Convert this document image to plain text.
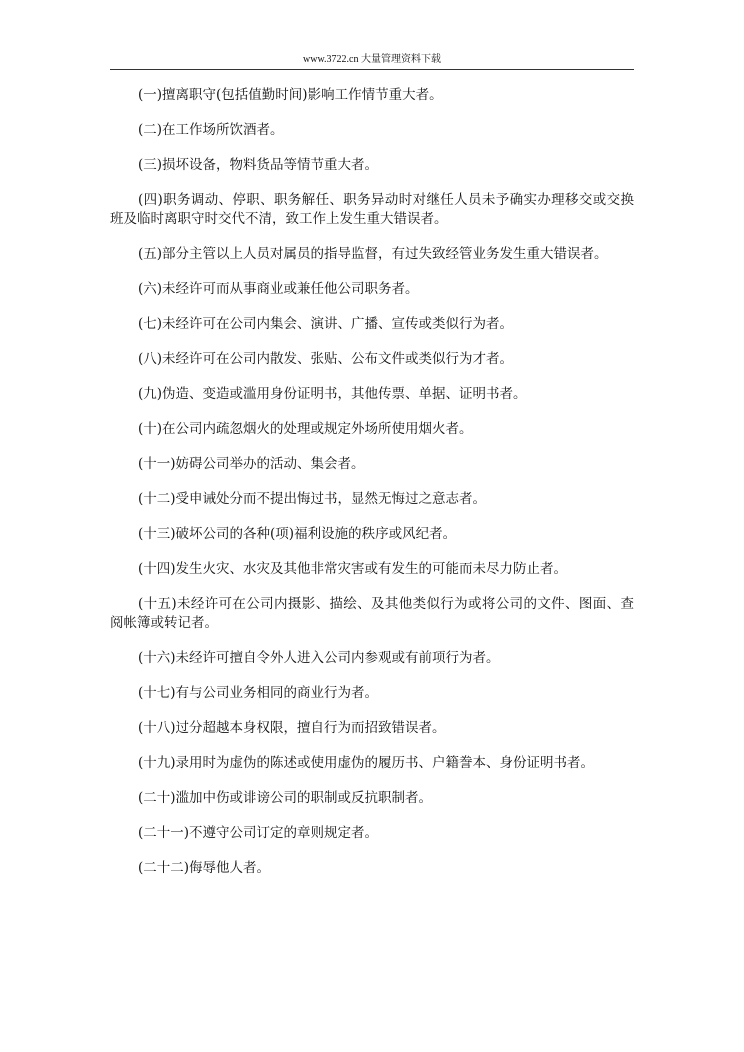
www.3722.cn 大量管理资料下载

(一)擅离职守(包括值勤时间)影响工作情节重大者。

(二)在工作场所饮酒者。

(三)损坏设备，物料货品等情节重大者。

(四)职务调动、停职、职务解任、职务异动时对继任人员未予确实办理移交或交换班及临时离职守时交代不清，致工作上发生重大错误者。

(五)部分主管以上人员对属员的指导监督，有过失致经管业务发生重大错误者。

(六)未经许可而从事商业或兼任他公司职务者。

(七)未经许可在公司内集会、演讲、广播、宣传或类似行为者。

(八)未经许可在公司内散发、张贴、公布文件或类似行为才者。

(九)伪造、变造或滥用身份证明书，其他传票、单据、证明书者。

(十)在公司内疏忽烟火的处理或规定外场所使用烟火者。

(十一)妨碍公司举办的活动、集会者。

(十二)受申诫处分而不提出悔过书，显然无悔过之意志者。

(十三)破坏公司的各种(项)福利设施的秩序或风纪者。

(十四)发生火灾、水灾及其他非常灾害或有发生的可能而未尽力防止者。

(十五)未经许可在公司内摄影、描绘、及其他类似行为或将公司的文件、图面、查阅帐簿或转记者。

(十六)未经许可擅自令外人进入公司内参观或有前项行为者。

(十七)有与公司业务相同的商业行为者。

(十八)过分超越本身权限，擅自行为而招致错误者。

(十九)录用时为虚伪的陈述或使用虚伪的履历书、户籍誊本、身份证明书者。

(二十)滥加中伤或诽谤公司的职制或反抗职制者。

(二十一)不遵守公司订定的章则规定者。

(二十二)侮辱他人者。
